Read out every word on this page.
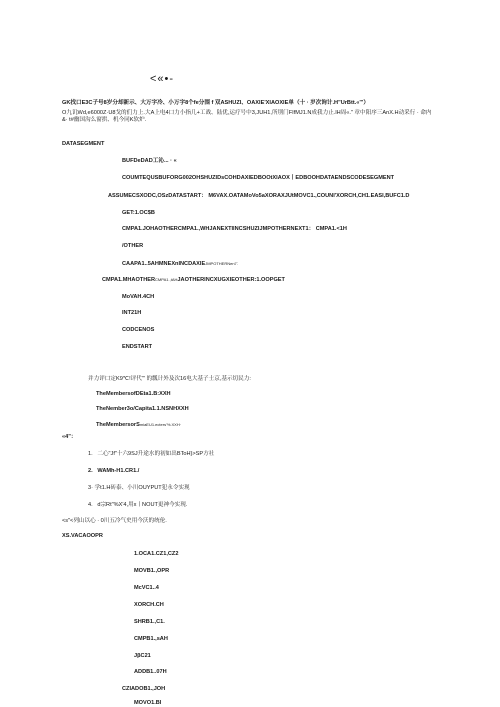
<«•-
GK找口E3C子号8岁分却新示、大万字冷、小万字8个fe分围 f 双ASHUZI、OAXIE'XIAOXIE单（十 · 岁次询计.H"UrBtt.«"'）
O九讥Wd,e6000Z·U8戈的们力上.大A上电4口力小指几+工战、陆优,运疗号中3,JUH1,所刖门FIfMJ1.N成我力止.lH周«." 章中阳序三AnX.H动采行 · 命内&· t#幽国沟么窗拱、机今同K软炉.
DATASEGMENT
BUFDeDAD工沁... · «
COUMTEQUSBUFORG002OHSHUZIDsCOHDAXIEDBOOtXIAOX丨EDBOOHDATAENDSCODESEGMENT
ASSUMECSXODC,OSzDATASTART： M6VAX.OATAMoVo5aXORAXJUtMOVC1.,COUNI'XORCH,CH1.EASI,BUFC1.D
GET:1.OC$B
CMPA1.JOHAOTHERCMPA1.,WHJANEXTIINCSHUZIJMPOTHERNEXT1： CMPA1.<1H
/OTHER
CAAPA1..5AHMNEXnINCDAXIEJMPOTHERNen7：
CMPA1.MHAOTHERCMPA1.,tAHJAOTHERINCXUGXIEOTHER:1.OOPGET
MoVAH.4CH
INT21H
CODCENOS
ENDSTART
并力评口定K9℃!评代"' 的瓢计外及次16电大基子士京,基示切民力:
TheMembersofDEta1.B:XXH
TheNember3o/Capita1.1.NSNHXXH
TheMembersorSmiaEU1.ecters'%.XXH·
«4"：
1. 二心"Jf"十六9SJ升途水的初如出BToH}>SP方社
2. WAMh-H1.CR1./
3· 学t1.H砖泰、小川OUYPUT犯永令实现
4. d宗Rt"%X'4,用x丨NOUT更神今实现.
<s"<列山以心 · 0川五冷气史用今沃的统伦.
XS.VACAOOPR
1.OCA1.CZ1,CZ2
MOVB1.,OPR
McVC1..4
XORCH.CH
SHRB1.,C1.
CMPB1.,sAH
JβC21
ADDB1..07H
CZIADOB1.,JOH
MOVO1.BI
